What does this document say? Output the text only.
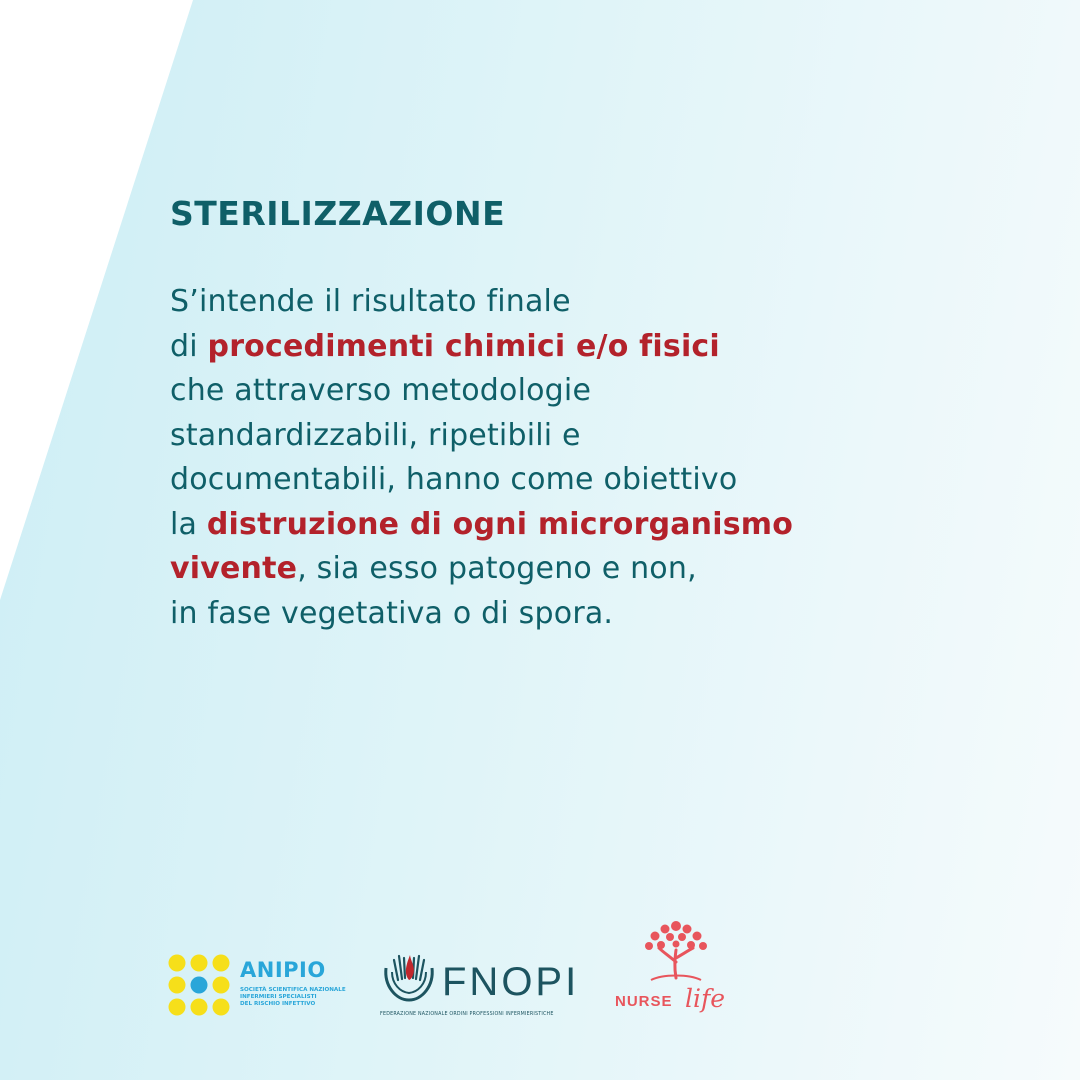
STERILIZZAZIONE
S’intende il risultato finale
di procedimenti chimici e/o fisici
che attraverso metodologie
standardizzabili, ripetibili e
documentabili, hanno come obiettivo
la distruzione di ogni microrganismo
vivente, sia esso patogeno e non,
in fase vegetativa o di spora.
ANIPIO
SOCIETÀ SCIENTIFICA NAZIONALE
INFERMIERI SPECIALISTI
DEL RISCHIO INFETTIVO	FNOPI
FEDERAZIONE NAZIONALE ORDINI PROFESSIONI INFERMIERISTICHE
NURSE life
